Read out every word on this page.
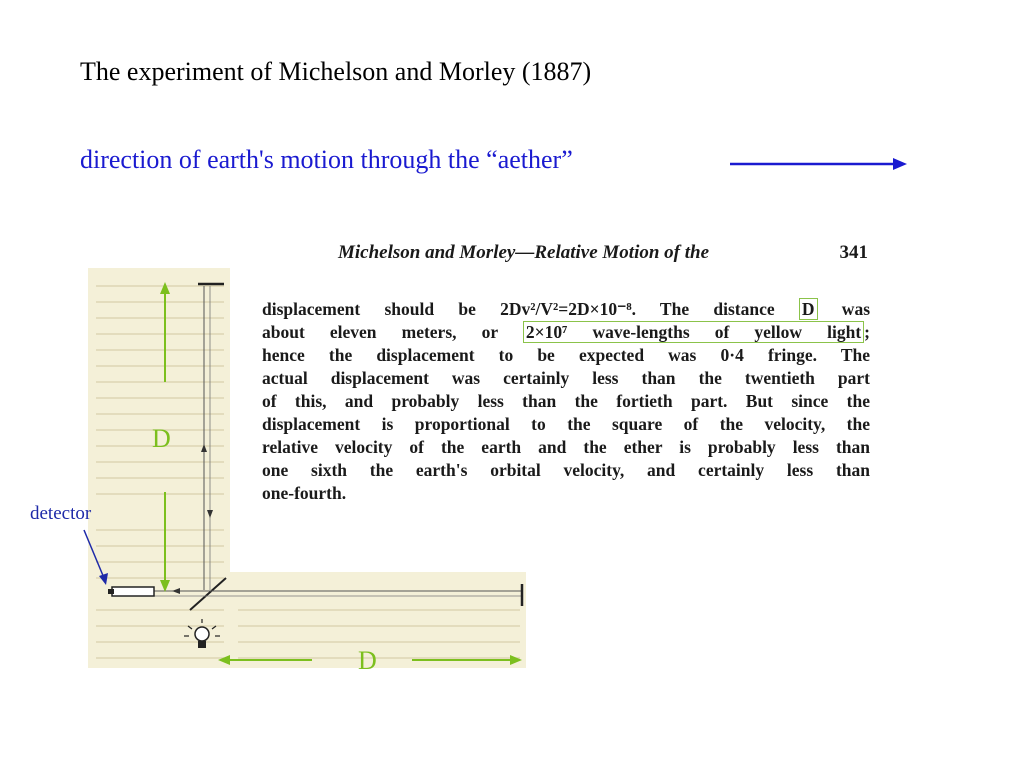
The experiment of Michelson and Morley (1887)
direction of earth's motion through the “aether”
Michelson and Morley—Relative Motion of the	341
displacement should be 2Dv²/V²=2D×10⁻⁸. The distance D was
about eleven meters, or 2×10⁷ wave-lengths of yellow light ;
hence the displacement to be expected was 0·4 fringe. The
actual displacement was certainly less than the twentieth part
of this, and probably less than the fortieth part. But since the
displacement is proportional to the square of the velocity, the
relative velocity of the earth and the ether is probably less than
one sixth the earth's orbital velocity, and certainly less than
one-fourth.
D
D
detector
